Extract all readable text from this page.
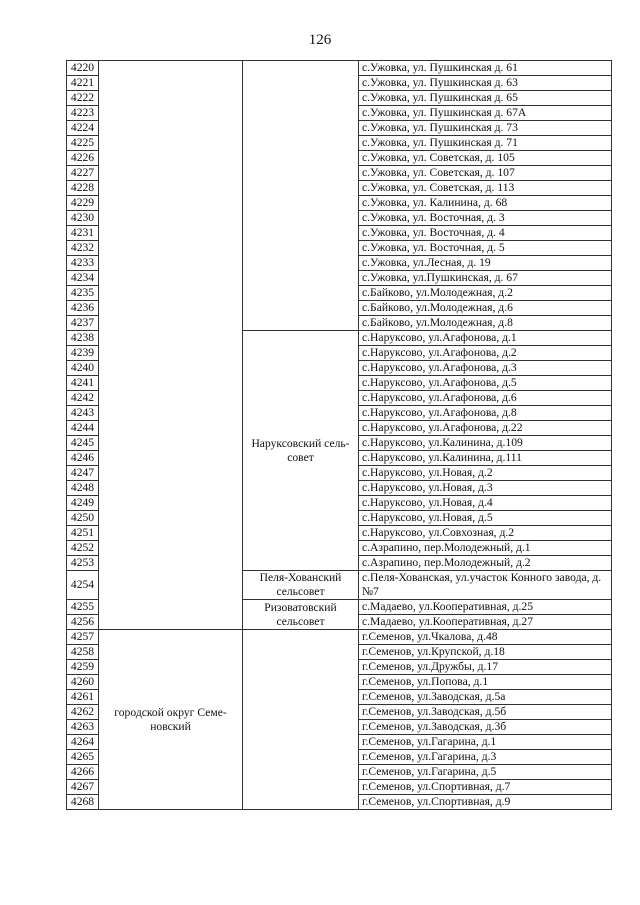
126
4220			с.Ужовка, ул. Пушкинская д. 61
4221			с.Ужовка, ул. Пушкинская д. 63
4222			с.Ужовка, ул. Пушкинская д. 65
4223			с.Ужовка, ул. Пушкинская д. 67А
4224			с.Ужовка, ул. Пушкинская д. 73
4225			с.Ужовка, ул. Пушкинская д. 71
4226			с.Ужовка, ул. Советская, д. 105
4227			с.Ужовка, ул. Советская, д. 107
4228			с.Ужовка, ул. Советская, д. 113
4229			с.Ужовка, ул. Калинина, д. 68
4230			с.Ужовка, ул. Восточная, д. 3
4231			с.Ужовка, ул. Восточная, д. 4
4232			с.Ужовка, ул. Восточная, д. 5
4233			с.Ужовка, ул.Лесная, д. 19
4234			с.Ужовка, ул.Пушкинская, д. 67
4235			с.Байково, ул.Молодежная, д.2
4236			с.Байково, ул.Молодежная, д.6
4237			с.Байково, ул.Молодежная, д.8
4238		Наруксовский сель-совет	с.Наруксово, ул.Агафонова, д.1
4239			с.Наруксово, ул.Агафонова, д.2
4240			с.Наруксово, ул.Агафонова, д.3
4241			с.Наруксово, ул.Агафонова, д.5
4242			с.Наруксово, ул.Агафонова, д.6
4243			с.Наруксово, ул.Агафонова, д.8
4244			с.Наруксово, ул.Агафонова, д.22
4245			с.Наруксово, ул.Калинина, д.109
4246			с.Наруксово, ул.Калинина, д.111
4247			с.Наруксово, ул.Новая, д.2
4248			с.Наруксово, ул.Новая, д.3
4249			с.Наруксово, ул.Новая, д.4
4250			с.Наруксово, ул.Новая, д.5
4251			с.Наруксово, ул.Совхозная, д.2
4252			с.Азрапино, пер.Молодежный, д.1
4253			с.Азрапино, пер.Молодежный, д.2
4254		Пеля-Хованский сельсовет	с.Пеля-Хованская, ул.участок Конного завода, д. №7
4255		Ризоватовский сельсовет	с.Мадаево, ул.Кооперативная, д.25
4256			с.Мадаево, ул.Кооперативная, д.27
4257	городской округ Семе-новский		г.Семенов, ул.Чкалова, д.48
4258			г.Семенов, ул.Крупской, д.18
4259			г.Семенов, ул.Дружбы, д.17
4260			г.Семенов, ул.Попова, д.1
4261			г.Семенов, ул.Заводская, д.5а
4262			г.Семенов, ул.Заводская, д.5б
4263			г.Семенов, ул.Заводская, д.3б
4264			г.Семенов, ул.Гагарина, д.1
4265			г.Семенов, ул.Гагарина, д.3
4266			г.Семенов, ул.Гагарина, д.5
4267			г.Семенов, ул.Спортивная, д.7
4268			г.Семенов, ул.Спортивная, д.9
